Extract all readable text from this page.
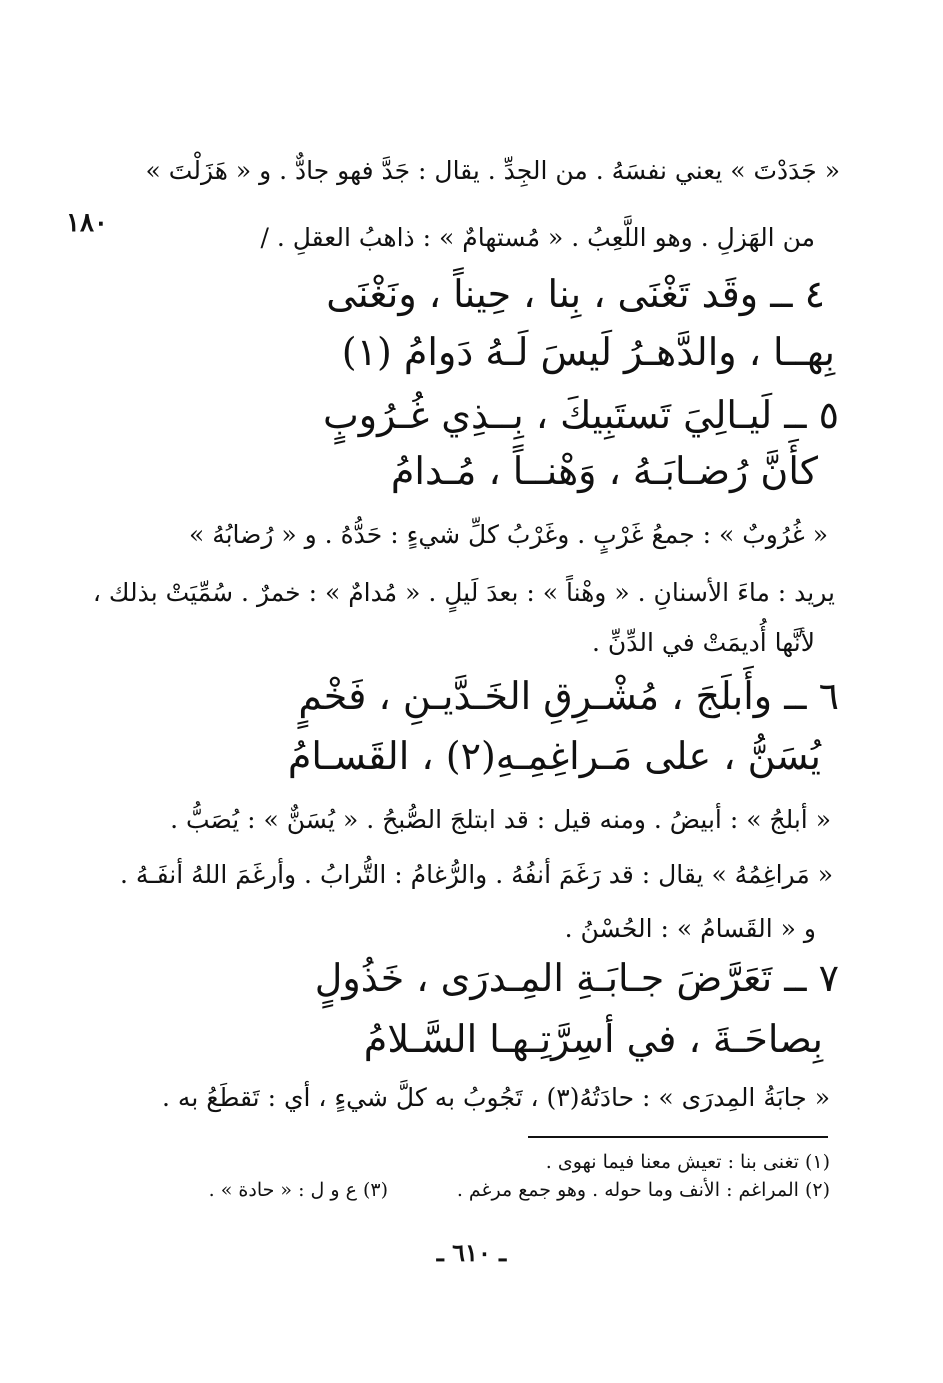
١٨٠
« جَدَدْتَ » يعني نفسَهُ . من الجِدِّ . يقال : جَدَّ فهو جادٌّ . و « هَزَلْتَ »
من الهَزلِ . وهو اللَّعِبُ . « مُستهامٌ » : ذاهبُ العقلِ . /
٤ ــ وقَد تَغْنَى ، بِنا ، حِيناً ، ونَغْنَى
بِهــا ، والدَّهـرُ لَيسَ لَـهُ دَوامُ (١)
٥ ــ لَيـالِيَ تَستَبِيكَ ، بِــذِي غُـرُوبٍ
كأَنَّ رُضـابَـهُ ، وَهْنــاً ، مُـدامُ
« غُرُوبٌ » : جمعُ غَرْبٍ . وغَرْبُ كلِّ شيءٍ : حَدُّهُ . و « رُضابُهُ »
يريد : ماءَ الأسنانِ . « وهْناً » : بعدَ لَيلٍ . « مُدامٌ » : خمرٌ . سُمِّيَتْ بذلك ،
لأنَّها أُديمَتْ في الدِّنِّ .
٦ ــ وأَبلَجَ ، مُشْـرِقِ الخَـدَّيـنِ ، فَخْمٍ
يُسَنُّ ، على مَـراغِمِـهِ(٢) ، القَسـامُ
« أبلجُ » : أبيضُ . ومنه قيل : قد ابتلجَ الصُّبحُ . « يُسَنٌّ » : يُصَبُّ .
« مَراغِمُهُ » يقال : قد رَغَمَ أنفُهُ . والرُّغامُ : التُّرابُ . وأرغَمَ اللهُ أنفَـهُ .
و « القَسامُ » : الحُسْنُ .
٧ ــ تَعَرَّضَ جـابَـةِ المِـدرَى ، خَذُولٍ
بِصاحَـةَ ، في أسِرَّتِـهـا السَّـلامُ
« جابَةُ المِدرَى » : حادَتُهُ(٣) ، تَجُوبُ به كلَّ شيءٍ ، أي : تَقطَعُ به .
(١) تغنى بنا : تعيش معنا فيما نهوى .
(٢) المراغم : الأنف وما حوله . وهو جمع مرغم .
(٣) ع و ل : « حادة » .
ـ ٦١٠ ـ
